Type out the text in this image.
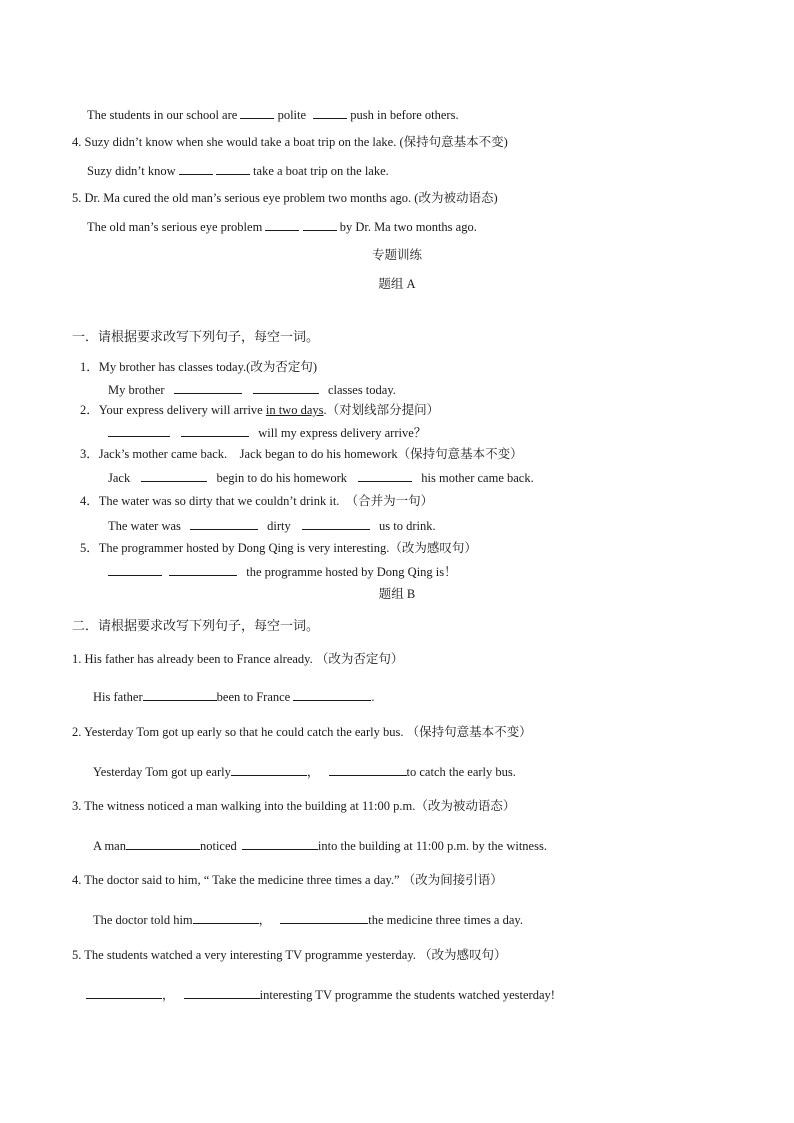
The students in our school are	polite	push in before others.
4. Suzy didn’t know when she would take a boat trip on the lake. (保持句意基本不变)
Suzy didn’t know	take a boat trip on the lake.
5. Dr. Ma cured the old man’s serious eye problem two months ago. (改为被动语态)
The old man’s serious eye problem	by Dr. Ma two months ago.
专题训练
题组 A
一．请根据要求改写下列句子，每空一词。
1．My brother has classes today.(改为否定句)
My brother	classes today.
2．Your express delivery will arrive in two days.（对划线部分提问）
will my express delivery arrive？
3．Jack’s mother came back.　Jack began to do his homework（保持句意基本不变）
Jack	begin to do his homework	his mother came back.
4．The water was so dirty that we couldn’t drink it.　（合并为一句）
The water was	dirty	us to drink.
5．The programmer hosted by Dong Qing is very interesting.（改为感叹句）
the programme hosted by Dong Qing is！
题组 B
二．请根据要求改写下列句子，每空一词。
1. His father has already been to France already. （改为否定句）
His father	been to France	.
2. Yesterday Tom got up early so that he could catch the early bus. （保持句意基本不变）
Yesterday Tom got up early	，	to catch the early bus.
3. The witness noticed a man walking into the building at 11:00 p.m.（改为被动语态）
A man	noticed	into the building at 11:00 p.m. by the witness.
4. The doctor said to him, “ Take the medicine three times a day.” （改为间接引语）
The doctor told him	，	the medicine three times a day.
5. The students watched a very interesting TV programme yesterday. （改为感叹句）
，	interesting TV programme the students watched yesterday!
